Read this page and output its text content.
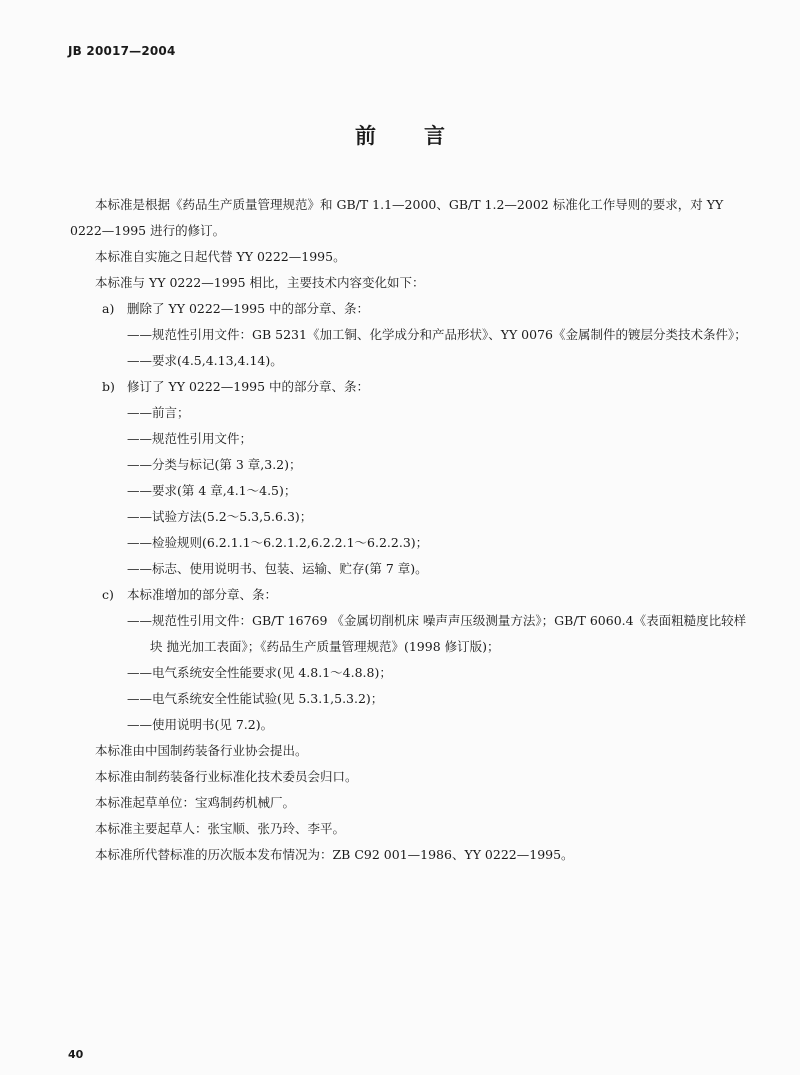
JB 20017—2004
前言

本标准是根据《药品生产质量管理规范》和 GB/T 1.1—2000、GB/T 1.2—2002 标准化工作导则的要求，对 YY 0222—1995 进行的修订。

本标准自实施之日起代替 YY 0222—1995。

本标准与 YY 0222—1995 相比，主要技术内容变化如下：

a) 删除了 YY 0222—1995 中的部分章、条：

——规范性引用文件：GB 5231《加工铜、化学成分和产品形状》、YY 0076《金属制件的镀层分类技术条件》；

——要求(4.5,4.13,4.14)。

b) 修订了 YY 0222—1995 中的部分章、条：

——前言；

——规范性引用文件；

——分类与标记(第 3 章,3.2)；

——要求(第 4 章,4.1～4.5)；

——试验方法(5.2～5.3,5.6.3)；

——检验规则(6.2.1.1～6.2.1.2,6.2.2.1～6.2.2.3)；

——标志、使用说明书、包装、运输、贮存(第 7 章)。

c) 本标准增加的部分章、条：

——规范性引用文件：GB/T 16769 《金属切削机床 噪声声压级测量方法》；GB/T 6060.4《表面粗糙度比较样块 抛光加工表面》；《药品生产质量管理规范》(1998 修订版)；

——电气系统安全性能要求(见 4.8.1～4.8.8)；

——电气系统安全性能试验(见 5.3.1,5.3.2)；

——使用说明书(见 7.2)。

本标准由中国制药装备行业协会提出。

本标准由制药装备行业标准化技术委员会归口。

本标准起草单位：宝鸡制药机械厂。

本标准主要起草人：张宝顺、张乃玲、李平。

本标准所代替标准的历次版本发布情况为：ZB C92 001—1986、YY 0222—1995。

40
